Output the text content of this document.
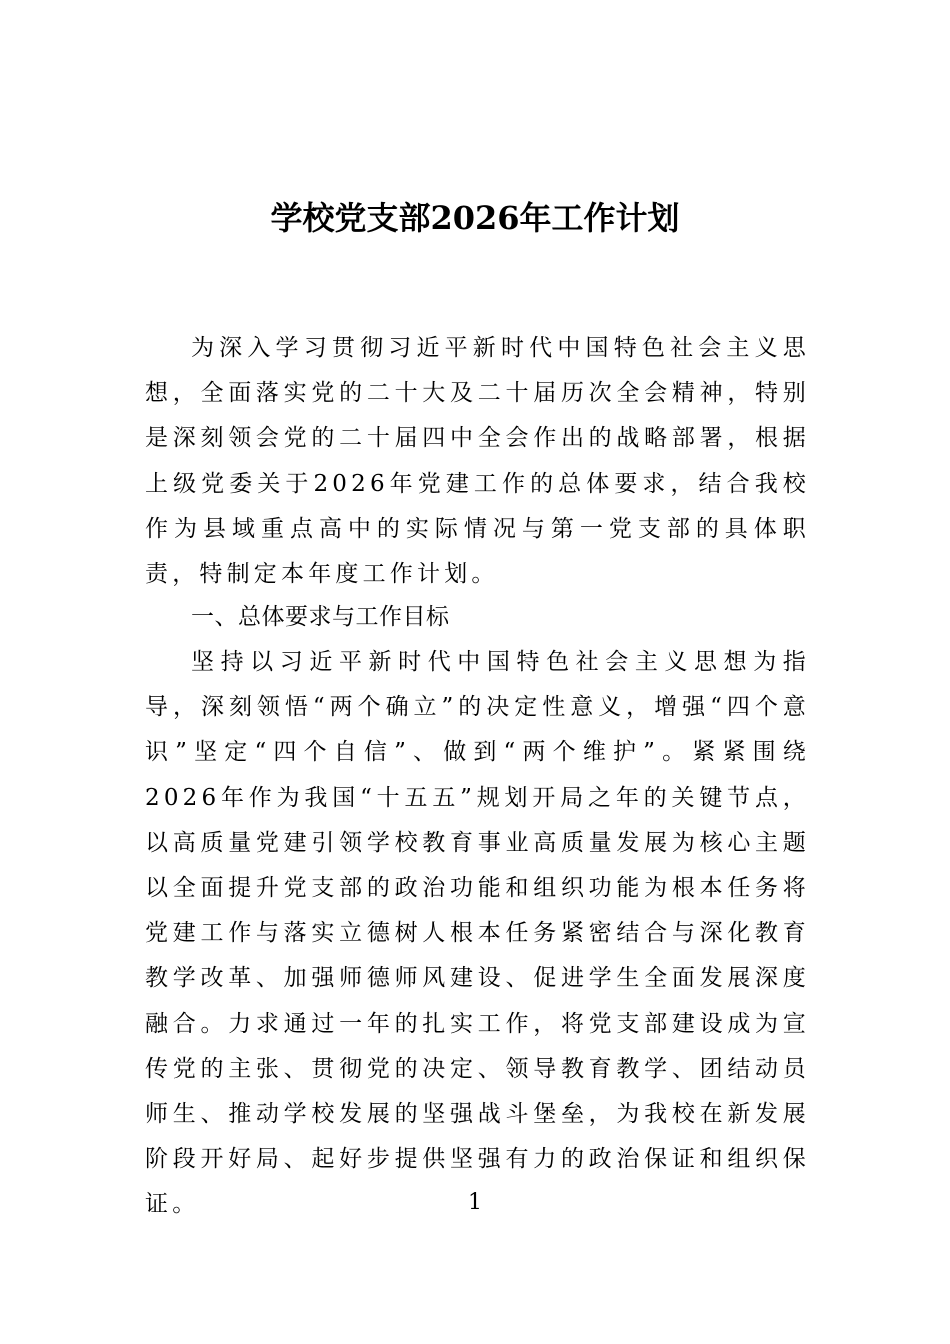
学校党支部2026年工作计划

为深入学习贯彻习近平新时代中国特色社会主义思想，全面落实党的二十大及二十届历次全会精神，特别是深刻领会党的二十届四中全会作出的战略部署，根据上级党委关于2026年党建工作的总体要求，结合我校作为县域重点高中的实际情况与第一党支部的具体职责，特制定本年度工作计划。

一、总体要求与工作目标

坚持以习近平新时代中国特色社会主义思想为指导，深刻领悟“两个确立”的决定性意义，增强“四个意识”坚定“四个自信”、做到“两个维护”。紧紧围绕2026年作为我国“十五五”规划开局之年的关键节点，以高质量党建引领学校教育事业高质量发展为核心主题以全面提升党支部的政治功能和组织功能为根本任务将党建工作与落实立德树人根本任务紧密结合与深化教育教学改革、加强师德师风建设、促进学生全面发展深度融合。力求通过一年的扎实工作，将党支部建设成为宣传党的主张、贯彻党的决定、领导教育教学、团结动员师生、推动学校发展的坚强战斗堡垒，为我校在新发展阶段开好局、起好步提供坚强有力的政治保证和组织保证。	1
